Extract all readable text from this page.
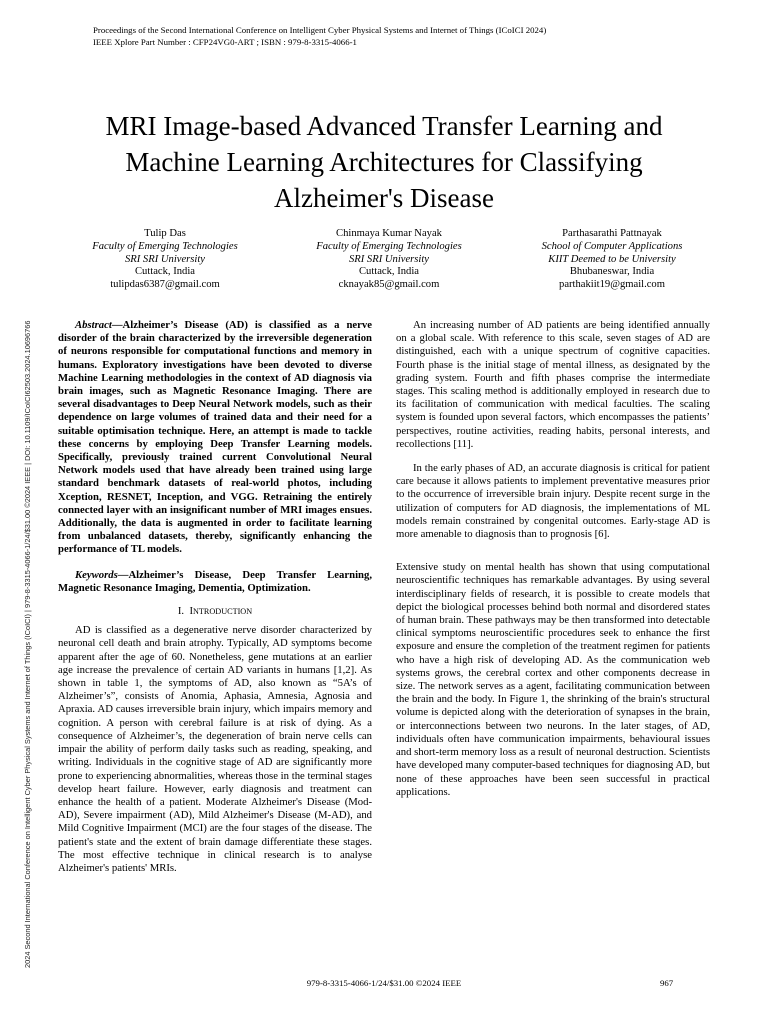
Proceedings of the Second International Conference on Intelligent Cyber Physical Systems and Internet of Things (ICoICI 2024)
IEEE Xplore Part Number : CFP24VG0-ART ; ISBN : 979-8-3315-4066-1
2024 Second International Conference on Intelligent Cyber Physical Systems and Internet of Things (ICoICI) | 979-8-3315-4066-1/24/$31.00 ©2024 IEEE | DOI: 10.1109/ICoICI62503.2024.10696766
MRI Image-based Advanced Transfer Learning and
Machine Learning Architectures for Classifying
Alzheimer's Disease
Tulip Das
Faculty of Emerging Technologies
SRI SRI University
Cuttack, India
tulipdas6387@gmail.com
Chinmaya Kumar Nayak
Faculty of Emerging Technologies
SRI SRI University
Cuttack, India
cknayak85@gmail.com
Parthasarathi Pattnayak
School of Computer Applications
KIIT Deemed to be University
Bhubaneswar, India
parthakiit19@gmail.com

Abstract—Alzheimer’s Disease (AD) is classified as a nerve disorder of the brain characterized by the irreversible degeneration of neurons responsible for computational functions and memory in humans. Exploratory investigations have been devoted to diverse Machine Learning methodologies in the context of AD diagnosis via brain images, such as Magnetic Resonance Imaging. There are several disadvantages to Deep Neural Network models, such as their dependence on large volumes of trained data and their need for a suitable optimisation technique. Here, an attempt is made to tackle these concerns by employing Deep Transfer Learning models. Specifically, previously trained current Convolutional Neural Network models used that have already been trained using large standard benchmark datasets of real-world photos, including Xception, RESNET, Inception, and VGG. Retraining the entirely connected layer with an insignificant number of MRI images ensues. Additionally, the data is augmented in order to facilitate learning from unbalanced datasets, thereby, significantly enhancing the performance of TL models.

Keywords—Alzheimer’s Disease, Deep Transfer Learning, Magnetic Resonance Imaging, Dementia, Optimization.

I. INTRODUCTION

AD is classified as a degenerative nerve disorder characterized by neuronal cell death and brain atrophy. Typically, AD symptoms become apparent after the age of 60. Nonetheless, gene mutations at an earlier age increase the prevalence of certain AD variants in humans [1,2]. As shown in table 1, the symptoms of AD, also known as “5A’s of Alzheimer’s”, consists of Anomia, Aphasia, Amnesia, Agnosia and Apraxia. AD causes irreversible brain injury, which impairs memory and cognition. A person with cerebral failure is at risk of dying. As a consequence of Alzheimer’s, the degeneration of brain nerve cells can impair the ability of perform daily tasks such as reading, speaking, and writing. Individuals in the cognitive stage of AD are significantly more prone to experiencing abnormalities, whereas those in the terminal stages develop heart failure. However, early diagnosis and treatment can enhance the health of a patient. Moderate Alzheimer's Disease (Mod-AD), Severe impairment (AD), Mild Alzheimer's Disease (M-AD), and Mild Cognitive Impairment (MCI) are the four stages of the disease. The patient's state and the extent of brain damage differentiate these stages. The most effective technique in clinical research is to analyse Alzheimer's patients' MRIs.

An increasing number of AD patients are being identified annually on a global scale. With reference to this scale, seven stages of AD are distinguished, each with a unique spectrum of cognitive capacities. Fourth phase is the initial stage of mental illness, as designated by the grading system. Fourth and fifth phases comprise the intermediate stages. This scaling method is additionally employed in research due to its facilitation of communication with medical faculties. The scaling system is founded upon several factors, which encompasses the patients’ perspectives, routine activities, reading habits, personal interests, and recollections [11].

In the early phases of AD, an accurate diagnosis is critical for patient care because it allows patients to implement preventative measures prior to the occurrence of irreversible brain injury. Despite recent surge in the utilization of computers for AD diagnosis, the implementations of ML models remain constrained by congenital outcomes. Early-stage AD is more amenable to diagnosis than to prognosis [6].

Extensive study on mental health has shown that using computational neuroscientific techniques has remarkable advantages. By using several interdisciplinary fields of research, it is possible to create models that depict the biological processes behind both normal and disordered states of human brain. These pathways may be then transformed into detectable clinical symptoms neuroscientific procedures seek to enhance the first exposure and ensure the completion of the treatment regimen for patients who have a high risk of developing AD. As the communication web systems grows, the cerebral cortex and other components decrease in size. The network serves as a agent, facilitating communication between the brain and the body. In Figure 1, the shrinking of the brain's structural volume is depicted along with the deterioration of synapses in the brain, or interconnections between two neurons. In the later stages, of AD, individuals often have communication impairments, behavioural issues and short-term memory loss as a result of neuronal destruction. Scientists have developed many computer-based techniques for diagnosing AD, but none of these approaches have been seen successful in practical applications.

979-8-3315-4066-1/24/$31.00 ©2024 IEEE	967
